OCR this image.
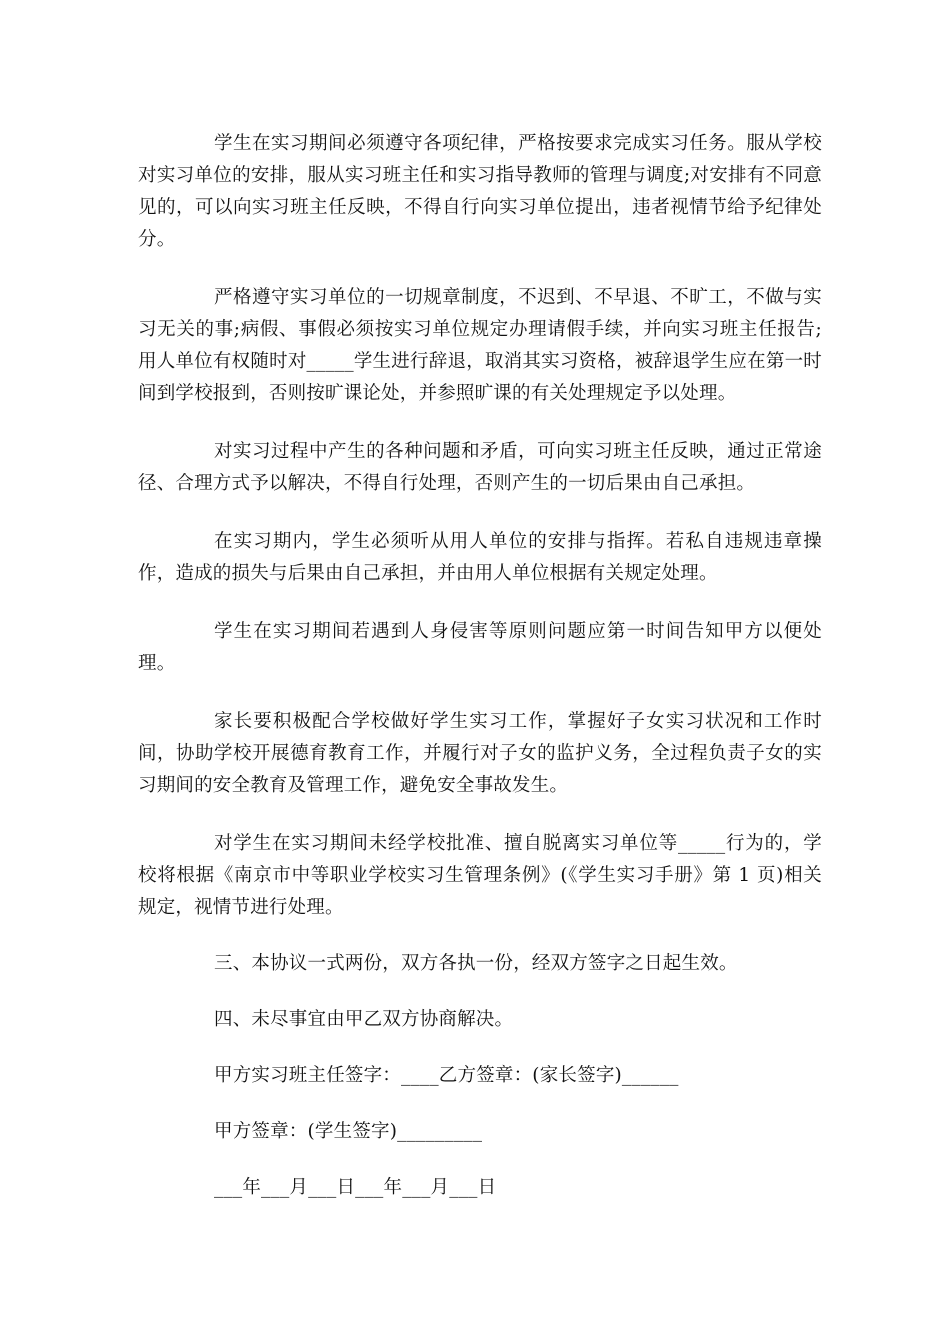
学生在实习期间必须遵守各项纪律，严格按要求完成实习任务。服从学校对实习单位的安排，服从实习班主任和实习指导教师的管理与调度;对安排有不同意见的，可以向实习班主任反映，不得自行向实习单位提出，违者视情节给予纪律处分。

严格遵守实习单位的一切规章制度，不迟到、不早退、不旷工，不做与实习无关的事;病假、事假必须按实习单位规定办理请假手续，并向实习班主任报告;用人单位有权随时对_____学生进行辞退，取消其实习资格，被辞退学生应在第一时间到学校报到，否则按旷课论处，并参照旷课的有关处理规定予以处理。

对实习过程中产生的各种问题和矛盾，可向实习班主任反映，通过正常途径、合理方式予以解决，不得自行处理，否则产生的一切后果由自己承担。

在实习期内，学生必须听从用人单位的安排与指挥。若私自违规违章操作，造成的损失与后果由自己承担，并由用人单位根据有关规定处理。

学生在实习期间若遇到人身侵害等原则问题应第一时间告知甲方以便处理。

家长要积极配合学校做好学生实习工作，掌握好子女实习状况和工作时间，协助学校开展德育教育工作，并履行对子女的监护义务，全过程负责子女的实习期间的安全教育及管理工作，避免安全事故发生。

对学生在实习期间未经学校批准、擅自脱离实习单位等_____行为的，学校将根据《南京市中等职业学校实习生管理条例》(《学生实习手册》第 1 页)相关规定，视情节进行处理。

三、本协议一式两份，双方各执一份，经双方签字之日起生效。

四、未尽事宜由甲乙双方协商解决。

甲方实习班主任签字：____乙方签章：(家长签字)______

甲方签章：(学生签字)_________

___年___月___日___年___月___日
